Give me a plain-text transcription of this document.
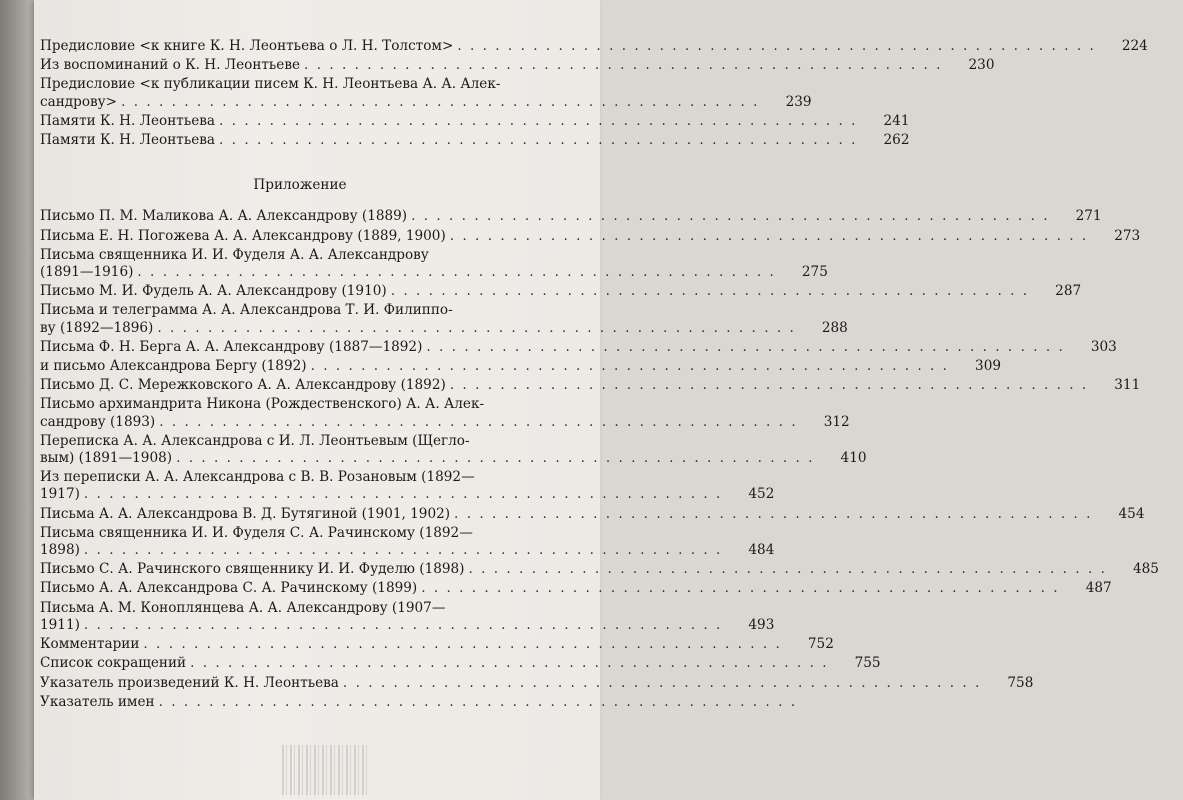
Предисловие <к книге К. Н. Леонтьева о Л. Н. Толстом> . . . . . . . . . . . . . . . . . . . . . . . . . . . . . . . . . . . . . . . . . . . . . . . . . . .	224
Из воспоминаний о К. Н. Леонтьеве . . . . . . . . . . . . . . . . . . . . . . . . . . . . . . . . . . . . . . . . . . . . . . . . . . .	230
Предисловие <к публикации писем К. Н. Леонтьева А. А. Алек-
сандрову> . . . . . . . . . . . . . . . . . . . . . . . . . . . . . . . . . . . . . . . . . . . . . . . . . . .	239
Памяти К. Н. Леонтьева . . . . . . . . . . . . . . . . . . . . . . . . . . . . . . . . . . . . . . . . . . . . . . . . . . .	241
Памяти К. Н. Леонтьева . . . . . . . . . . . . . . . . . . . . . . . . . . . . . . . . . . . . . . . . . . . . . . . . . . .	262
Приложение
Письмо П. М. Маликова А. А. Александрову (1889) . . . . . . . . . . . . . . . . . . . . . . . . . . . . . . . . . . . . . . . . . . . . . . . . . . .	271
Письма Е. Н. Погожева А. А. Александрову (1889, 1900) . . . . . . . . . . . . . . . . . . . . . . . . . . . . . . . . . . . . . . . . . . . . . . . . . . .	273
Письма священника И. И. Фуделя А. А. Александрову
(1891—1916) . . . . . . . . . . . . . . . . . . . . . . . . . . . . . . . . . . . . . . . . . . . . . . . . . . .	275
Письмо М. И. Фудель А. А. Александрову (1910) . . . . . . . . . . . . . . . . . . . . . . . . . . . . . . . . . . . . . . . . . . . . . . . . . . .	287
Письма и телеграмма А. А. Александрова Т. И. Филиппо-
ву (1892—1896) . . . . . . . . . . . . . . . . . . . . . . . . . . . . . . . . . . . . . . . . . . . . . . . . . . .	288
Письма Ф. Н. Берга А. А. Александрову (1887—1892) . . . . . . . . . . . . . . . . . . . . . . . . . . . . . . . . . . . . . . . . . . . . . . . . . . .	303
и письмо Александрова Бергу (1892) . . . . . . . . . . . . . . . . . . . . . . . . . . . . . . . . . . . . . . . . . . . . . . . . . . .	309
Письмо Д. С. Мережковского А. А. Александрову (1892) . . . . . . . . . . . . . . . . . . . . . . . . . . . . . . . . . . . . . . . . . . . . . . . . . . .	311
Письмо архимандрита Никона (Рождественского) А. А. Алек-
сандрову (1893) . . . . . . . . . . . . . . . . . . . . . . . . . . . . . . . . . . . . . . . . . . . . . . . . . . .	312
Переписка А. А. Александрова с И. Л. Леонтьевым (Щегло-
вым) (1891—1908) . . . . . . . . . . . . . . . . . . . . . . . . . . . . . . . . . . . . . . . . . . . . . . . . . . .	410
Из переписки А. А. Александрова с В. В. Розановым (1892—
1917) . . . . . . . . . . . . . . . . . . . . . . . . . . . . . . . . . . . . . . . . . . . . . . . . . . .	452
Письма А. А. Александрова В. Д. Бутягиной (1901, 1902) . . . . . . . . . . . . . . . . . . . . . . . . . . . . . . . . . . . . . . . . . . . . . . . . . . .	454
Письма священника И. И. Фуделя С. А. Рачинскому (1892—
1898) . . . . . . . . . . . . . . . . . . . . . . . . . . . . . . . . . . . . . . . . . . . . . . . . . . .	484
Письмо С. А. Рачинского священнику И. И. Фуделю (1898) . . . . . . . . . . . . . . . . . . . . . . . . . . . . . . . . . . . . . . . . . . . . . . . . . . .	485
Письмо А. А. Александрова С. А. Рачинскому (1899) . . . . . . . . . . . . . . . . . . . . . . . . . . . . . . . . . . . . . . . . . . . . . . . . . . .	487
Письма А. М. Коноплянцева А. А. Александрову (1907—
1911) . . . . . . . . . . . . . . . . . . . . . . . . . . . . . . . . . . . . . . . . . . . . . . . . . . .	493
Комментарии . . . . . . . . . . . . . . . . . . . . . . . . . . . . . . . . . . . . . . . . . . . . . . . . . . .	752
Список сокращений . . . . . . . . . . . . . . . . . . . . . . . . . . . . . . . . . . . . . . . . . . . . . . . . . . .	755
Указатель произведений К. Н. Леонтьева . . . . . . . . . . . . . . . . . . . . . . . . . . . . . . . . . . . . . . . . . . . . . . . . . . .	758
Указатель имен . . . . . . . . . . . . . . . . . . . . . . . . . . . . . . . . . . . . . . . . . . . . . . . . . . .
